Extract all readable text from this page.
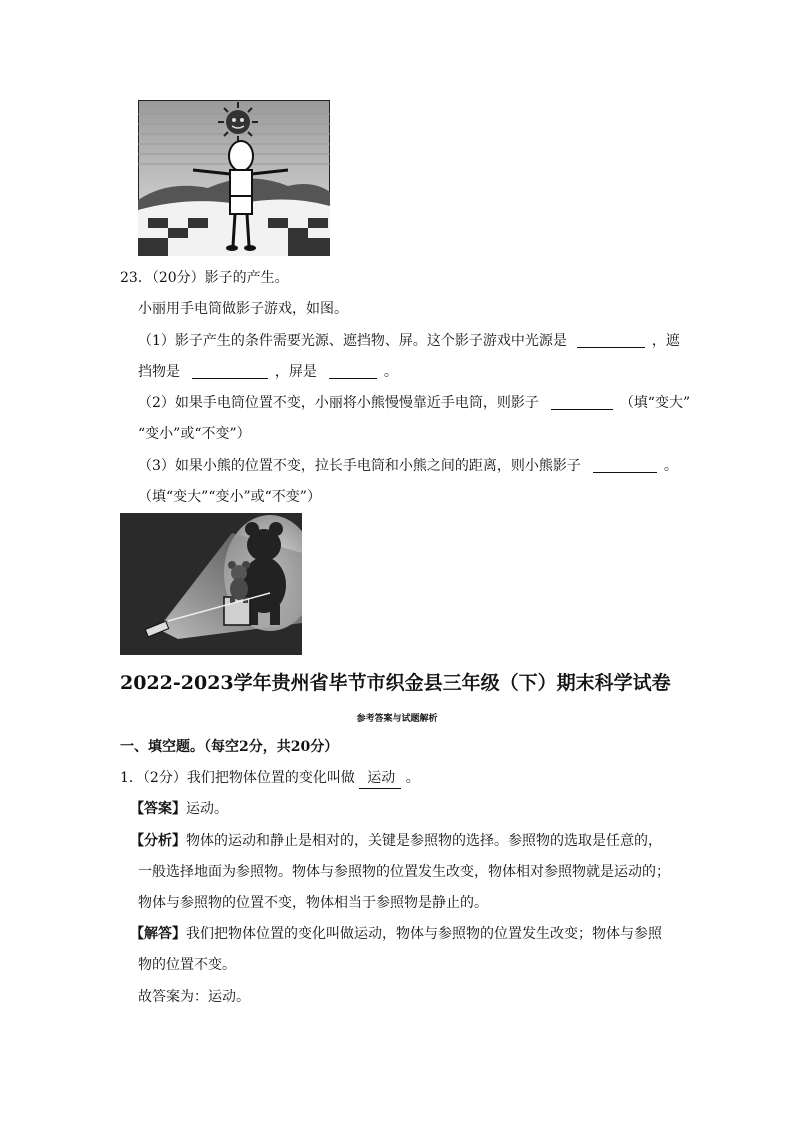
23．（20分）影子的产生。
小丽用手电筒做影子游戏，如图。
（1）影子产生的条件需要光源、遮挡物、屏。这个影子游戏中光源是	，遮
挡物是	，屏是	。
（2）如果手电筒位置不变，小丽将小熊慢慢靠近手电筒，则影子	（填“变大”
“变小”或“不变”）
（3）如果小熊的位置不变，拉长手电筒和小熊之间的距离，则小熊影子	。
（填“变大”“变小”或“不变”）
2022-2023学年贵州省毕节市织金县三年级（下）期末科学试卷
参考答案与试题解析
一、填空题。（每空2分，共20分）
1．（2分）我们把物体位置的变化叫做 运动 。
【答案】运动。
【分析】物体的运动和静止是相对的，关键是参照物的选择。参照物的选取是任意的，
一般选择地面为参照物。物体与参照物的位置发生改变，物体相对参照物就是运动的；
物体与参照物的位置不变，物体相当于参照物是静止的。
【解答】我们把物体位置的变化叫做运动，物体与参照物的位置发生改变；物体与参照
物的位置不变。
故答案为：运动。
